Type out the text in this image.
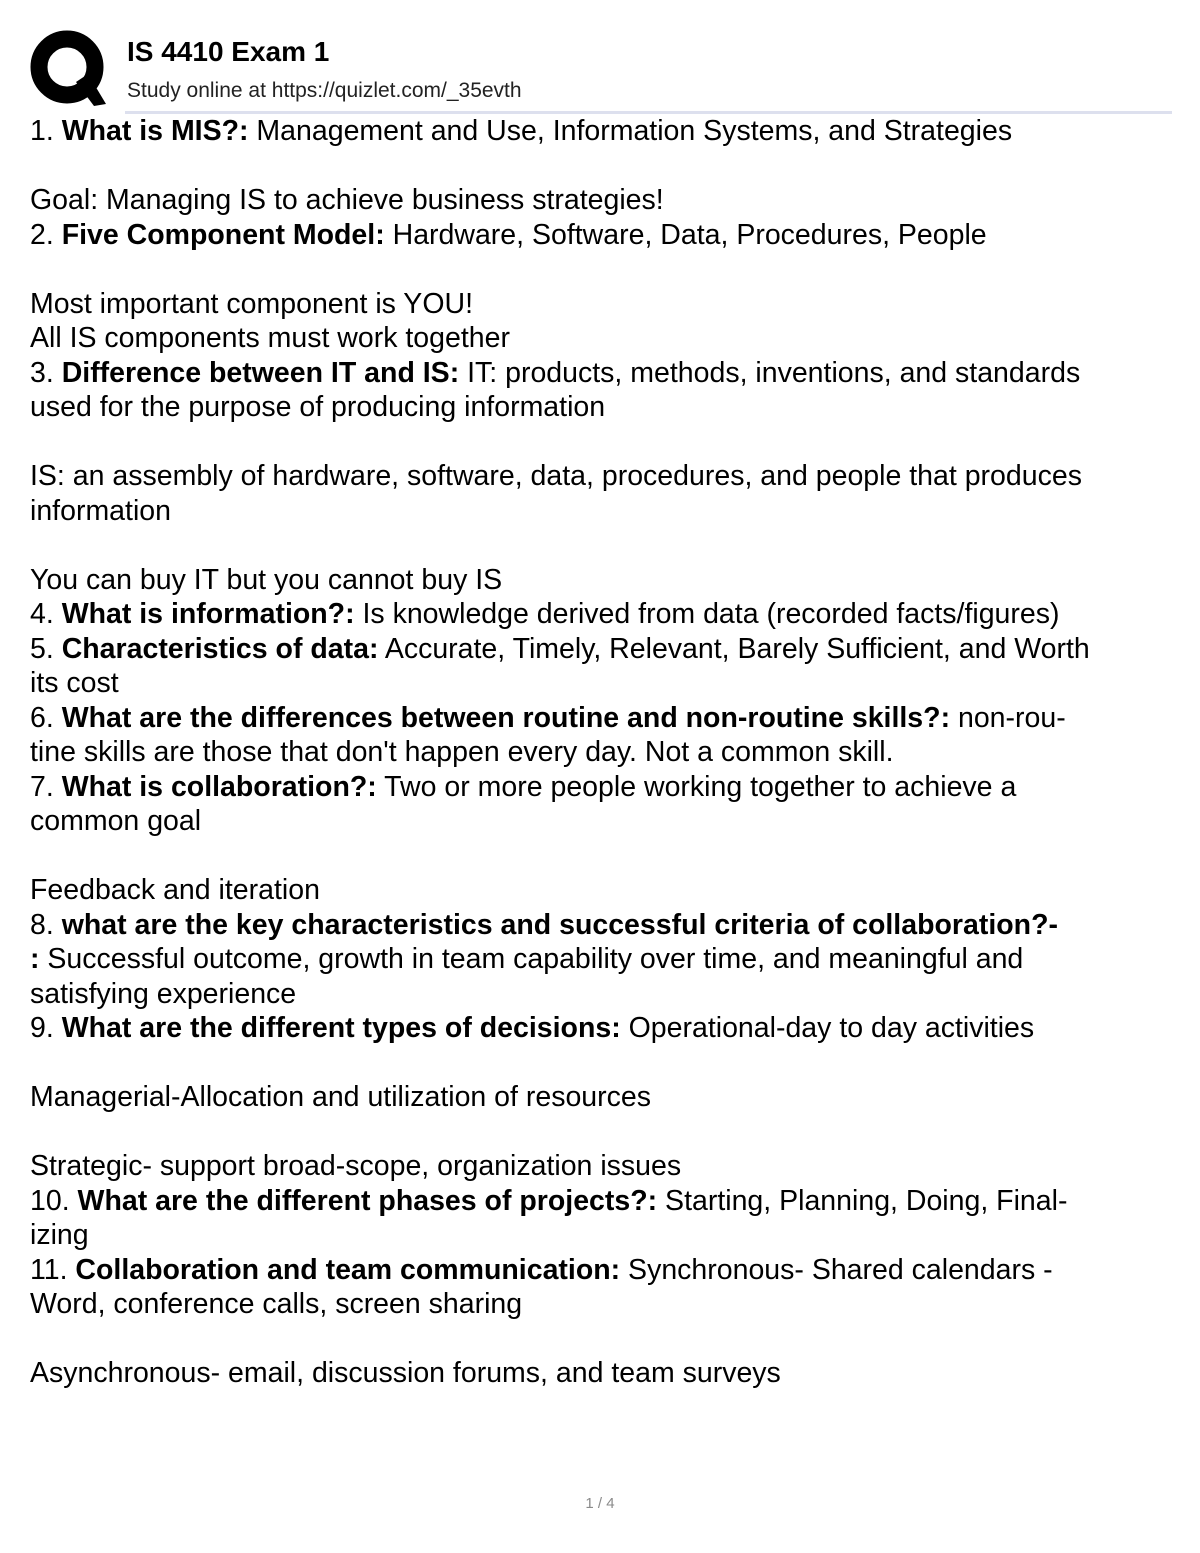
IS 4410 Exam 1
Study online at https://quizlet.com/_35evth
1. What is MIS?: Management and Use, Information Systems, and Strategies
Goal: Managing IS to achieve business strategies!
2. Five Component Model: Hardware, Software, Data, Procedures, People
Most important component is YOU!
All IS components must work together
3. Difference between IT and IS: IT: products, methods, inventions, and standards
used for the purpose of producing information
IS: an assembly of hardware, software, data, procedures, and people that produces
information
You can buy IT but you cannot buy IS
4. What is information?: Is knowledge derived from data (recorded facts/figures)
5. Characteristics of data: Accurate, Timely, Relevant, Barely Sufficient, and Worth
its cost
6. What are the differences between routine and non-routine skills?: non-rou-
tine skills are those that don't happen every day. Not a common skill.
7. What is collaboration?: Two or more people working together to achieve a
common goal
Feedback and iteration
8. what are the key characteristics and successful criteria of collaboration?-
: Successful outcome, growth in team capability over time, and meaningful and
satisfying experience
9. What are the different types of decisions: Operational-day to day activities
Managerial-Allocation and utilization of resources
Strategic- support broad-scope, organization issues
10. What are the different phases of projects?: Starting, Planning, Doing, Final-
izing
11. Collaboration and team communication: Synchronous- Shared calendars -
Word, conference calls, screen sharing
Asynchronous- email, discussion forums, and team surveys
1 / 4
